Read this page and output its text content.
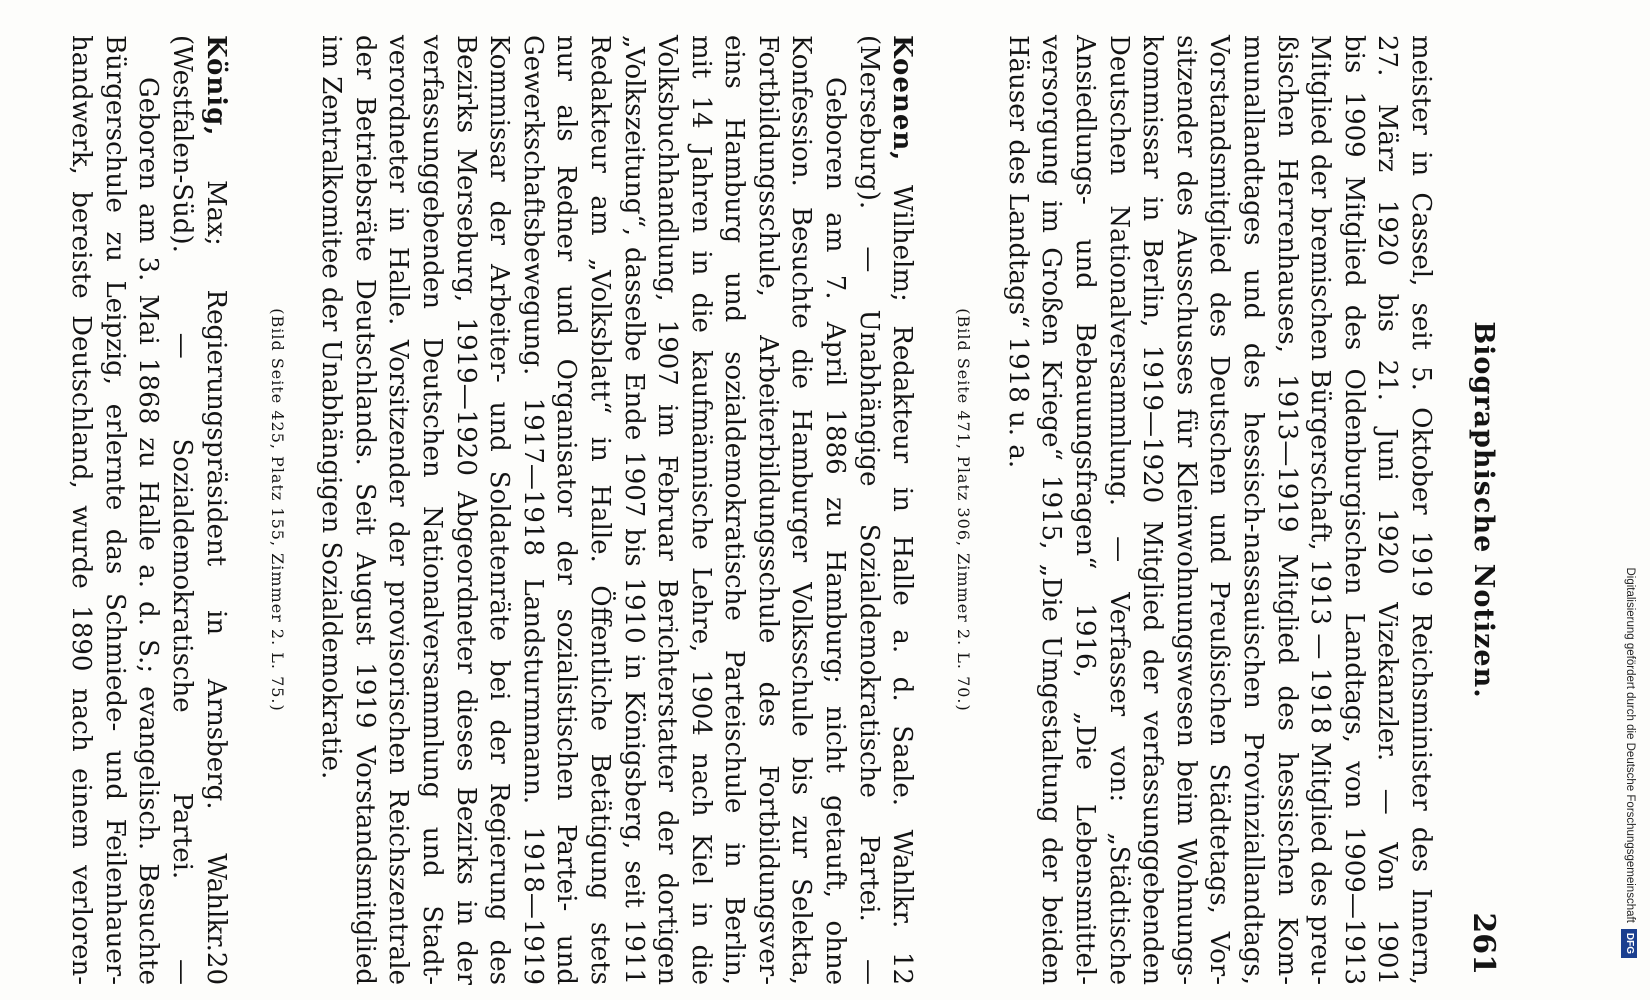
Biographische Notizen.
261
meister in Cassel, seit 5. Oktober 1919 Reichsminister des Innern,
27. März 1920 bis 21. Juni 1920 Vizekanzler. — Von 1901
bis 1909 Mitglied des Oldenburgischen Landtags, von 1909—1913
Mitglied der bremischen Bürgerschaft, 1913 — 1918 Mitglied des preu-
ßischen Herrenhauses, 1913—1919 Mitglied des hessischen Kom-
munallandtages und des hessisch-nassauischen Provinziallandtags,
Vorstandsmitglied des Deutschen und Preußischen Städtetags, Vor-
sitzender des Ausschusses für Kleinwohnungswesen beim Wohnungs-
kommissar in Berlin, 1919—1920 Mitglied der verfassunggebenden
Deutschen Nationalversammlung. — Verfasser von: „Städtische
Ansiedlungs- und Bebauungsfragen“ 1916, „Die Lebensmittel-
versorgung im Großen Kriege“ 1915, „Die Umgestaltung der beiden
Häuser des Landtags“ 1918 u. a.
(Bild Seite 471, Platz 306, Zimmer 2. L. 70.)
Koenen, Wilhelm; Redakteur in Halle a. d. Saale. Wahlkr. 12
(Merseburg). — Unabhängige Sozialdemokratische Partei. —
Geboren am 7. April 1886 zu Hamburg; nicht getauft, ohne
Konfession. Besuchte die Hamburger Volksschule bis zur Selekta,
Fortbildungsschule, Arbeiterbildungsschule des Fortbildungsver-
eins Hamburg und sozialdemokratische Parteischule in Berlin,
mit 14 Jahren in die kaufmännische Lehre, 1904 nach Kiel in die
Volksbuchhandlung, 1907 im Februar Berichterstatter der dortigen
„Volkszeitung“, dasselbe Ende 1907 bis 1910 in Königsberg, seit 1911
Redakteur am „Volksblatt“ in Halle. Öffentliche Betätigung stets
nur als Redner und Organisator der sozialistischen Partei- und
Gewerkschaftsbewegung. 1917—1918 Landsturmmann. 1918—1919
Kommissar der Arbeiter- und Soldatenräte bei der Regierung des
Bezirks Merseburg, 1919—1920 Abgeordneter dieses Bezirks in der
verfassunggebenden Deutschen Nationalversammlung und Stadt-
verordneter in Halle. Vorsitzender der provisorischen Reichszentrale
der Betriebsräte Deutschlands. Seit August 1919 Vorstandsmitglied
im Zentralkomitee der Unabhängigen Sozialdemokratie.
(Bild Seite 425, Platz 155, Zimmer 2. L. 75.)
König, Max; Regierungspräsident in Arnsberg. Wahlkr.20
(Westfalen-Süd). — Sozialdemokratische Partei. —
Geboren am 3. Mai 1868 zu Halle a. d. S.; evangelisch. Besuchte
Bürgerschule zu Leipzig, erlernte das Schmiede- und Feilenhauer-
handwerk, bereiste Deutschland, wurde 1890 nach einem verloren-	Digitalisierung gefördert durch die Deutsche ForschungsgemeinschaftDFG
